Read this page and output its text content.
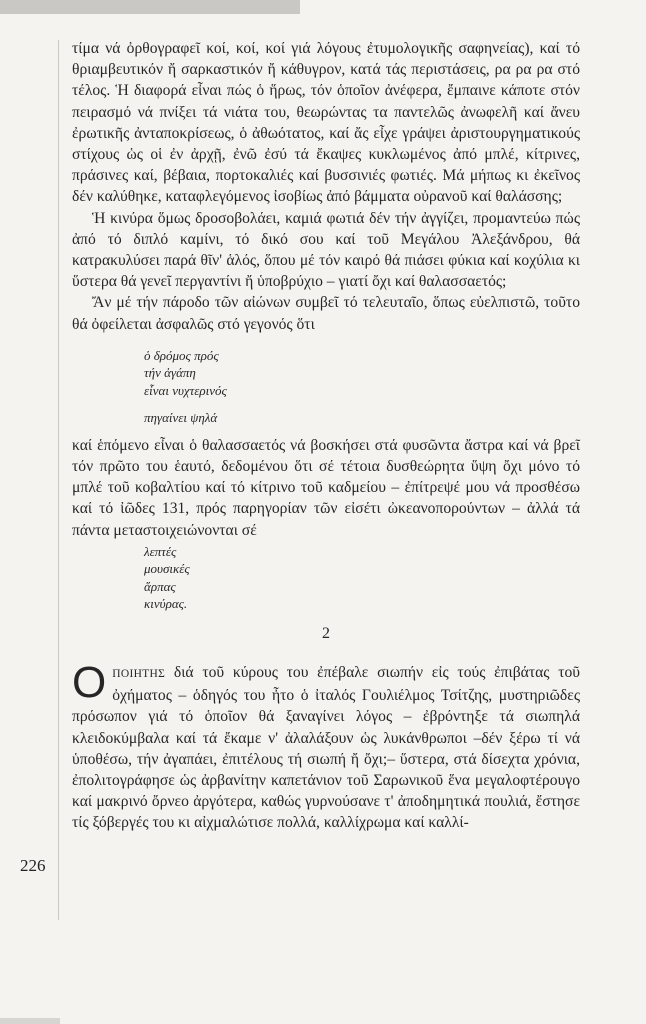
226

τίμα νά ὀρθογραφεῖ κοί, κοί, κοί γιά λόγους ἐτυμολογικῆς σαφηνείας), καί τό θριαμβευτικόν ἤ σαρκαστικόν ἤ κάθυγρον, κατά τάς περιστάσεις, ρα ρα ρα στό τέλος. Ἡ διαφορά εἶναι πώς ὁ ἥρως, τόν ὁποῖον ἀνέφερα, ἔμπαινε κάποτε στόν πειρασμό νά πνίξει τά νιάτα του, θεωρώντας τα παντελῶς ἀνωφελῆ καί ἄνευ ἐρωτικῆς ἀνταποκρίσεως, ὁ ἀθωότατος, καί ἄς εἶχε γράψει ἀριστουργηματικούς στίχους ὡς οἱ ἐν ἀρχῇ, ἐνῶ ἐσύ τά ἔκαψες κυκλωμένος ἀπό μπλέ, κίτρινες, πράσινες καί, βέβαια, πορτοκαλιές καί βυσσινιές φωτιές. Μά μήπως κι ἐκεῖνος δέν καλύθηκε, καταφλεγόμενος ἰσοβίως ἀπό βάμματα οὐρανοῦ καί θαλάσσης;

Ἡ κινύρα ὅμως δροσοβολάει, καμιά φωτιά δέν τήν ἀγγίζει, προμαντεύω πώς ἀπό τό διπλό καμίνι, τό δικό σου καί τοῦ Μεγάλου Ἀλεξάνδρου, θά κατρακυλύσει παρά θῖν' ἁλός, ὅπου μέ τόν καιρό θά πιάσει φύκια καί κοχύλια κι ὕστερα θά γενεῖ περγαντίνι ἤ ὑποβρύχιο – γιατί ὄχι καί θαλασσαετός;

Ἄν μέ τήν πάροδο τῶν αἰώνων συμβεῖ τό τελευταῖο, ὅπως εὐελπιστῶ, τοῦτο θά ὀφείλεται ἀσφαλῶς στό γεγονός ὅτι

ὁ δρόμος πρός
τήν ἀγάπη
εἶναι νυχτερινός
πηγαίνει ψηλά

καί ἑπόμενο εἶναι ὁ θαλασσαετός νά βοσκήσει στά φυσῶντα ἄστρα καί νά βρεῖ τόν πρῶτο του ἑαυτό, δεδομένου ὅτι σέ τέτοια δυσθεώρητα ὕψη ὄχι μόνο τό μπλέ τοῦ κοβαλτίου καί τό κίτρινο τοῦ καδμείου – ἐπίτρεψέ μου νά προσθέσω καί τό ἰῶδες 131, πρός παρηγορίαν τῶν εἰσέτι ὠκεανοπορούντων – ἀλλά τά πάντα μεταστοιχειώνονται σέ

λεπτές
μουσικές
ἅρπας
κινύρας.
2

ΟΠΟΙΗΤΗΣ διά τοῦ κύρους του ἐπέβαλε σιωπήν εἰς τούς ἐπιβάτας τοῦ ὀχήματος – ὁδηγός του ἦτο ὁ ἰταλός Γουλιέλμος Τσίτζης, μυστηριῶδες πρόσωπον γιά τό ὁποῖον θά ξαναγίνει λόγος – ἐβρόντηξε τά σιωπηλά κλειδοκύμβαλα καί τά ἔκαμε ν' ἀλαλάξουν ὡς λυκάνθρωποι –δέν ξέρω τί νά ὑποθέσω, τήν ἀγαπάει, ἐπιτέλους τή σιωπή ἤ ὄχι;– ὕστερα, στά δίσεχτα χρόνια, ἐπολιτογράφησε ὡς ἀρβανίτην καπετάνιον τοῦ Σαρωνικοῦ ἕνα μεγαλοφτέρουγο καί μακρινό ὄρνεο ἀργότερα, καθώς γυρνούσανε τ' ἀποδημητικά πουλιά, ἔστησε τίς ξόβεργές του κι αἰχμαλώτισε πολλά, καλλίχρωμα καί καλλί-
